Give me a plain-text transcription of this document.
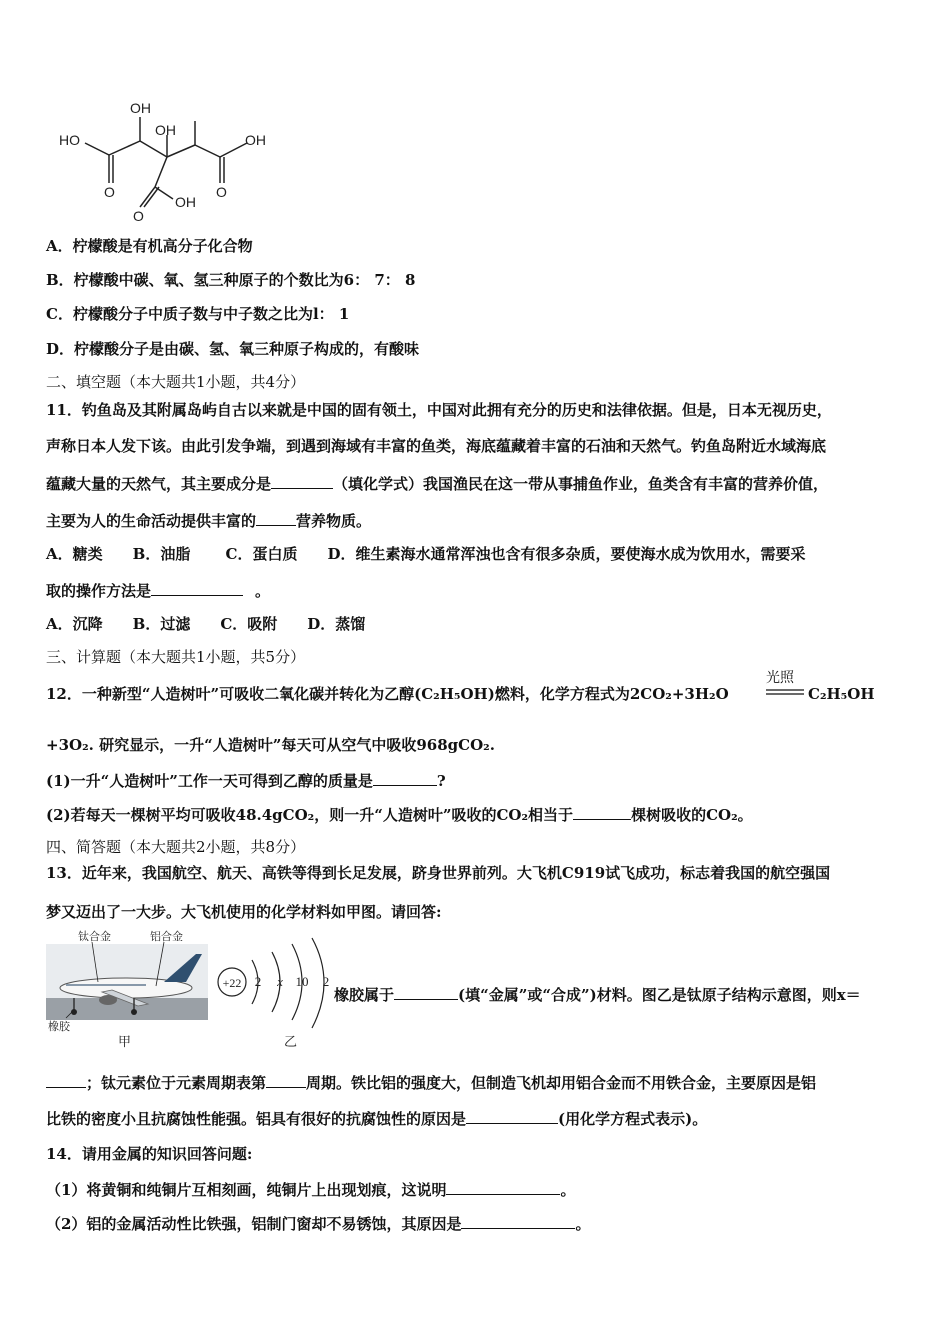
OH
OH
HO	OH
O	O
O
OH
A．柠檬酸是有机高分子化合物
B．柠檬酸中碳、氧、氢三种原子的个数比为6： 7： 8
C．柠檬酸分子中质子数与中子数之比为l： 1
D．柠檬酸分子是由碳、氢、氧三种原子构成的，有酸味
二、填空题（本大题共1小题，共4分）
11．钓鱼岛及其附属岛屿自古以来就是中国的固有领土，中国对此拥有充分的历史和法律依据。但是，日本无视历史，
声称日本人发下该。由此引发争端，到遇到海域有丰富的鱼类，海底蕴藏着丰富的石油和天然气。钓鱼岛附近水域海底
蕴藏大量的天然气，其主要成分是	（填化学式）我国渔民在这一带从事捕鱼作业，鱼类含有丰富的营养价值，
主要为人的生命活动提供丰富的	营养物质。
A．糖类　　B．油脂　　 C．蛋白质　　D．维生素海水通常浑浊也含有很多杂质，要使海水成为饮用水，需要采
取的操作方法是	。
A．沉降　　B．过滤　　C．吸附　　D．蒸馏
三、计算题（本大题共1小题，共5分）
12．一种新型“人造树叶”可吸收二氧化碳并转化为乙醇(C₂H₅OH)燃料，化学方程式为2CO₂+3H₂O
光照
C₂H₅OH
+3O₂. 研究显示，一升“人造树叶”每天可从空气中吸收968gCO₂.
(1)一升“人造树叶”工作一天可得到乙醇的质量是	?
(2)若每天一棵树平均可吸收48.4gCO₂，则一升“人造树叶”吸收的CO₂相当于	棵树吸收的CO₂。
四、简答题（本大题共2小题，共8分）
13．近年来，我国航空、航天、高铁等得到长足发展，跻身世界前列。大飞机C919试飞成功，标志着我国的航空强国
梦又迈出了一大步。大飞机使用的化学材料如甲图。请回答:
钛合金	铝合金
橡胶
甲	乙
+22 2 x 10 2
橡胶属于	(填“金属”或“合成”)材料。图乙是钛原子结构示意图，则x＝
；钛元素位于元素周期表第	周期。铁比铝的强度大，但制造飞机却用铝合金而不用铁合金，主要原因是铝
比铁的密度小且抗腐蚀性能强。铝具有很好的抗腐蚀性的原因是	(用化学方程式表示)。
14．请用金属的知识回答问题:
（1）将黄铜和纯铜片互相刻画，纯铜片上出现划痕，这说明	。
（2）铝的金属活动性比铁强，铝制门窗却不易锈蚀，其原因是	。
